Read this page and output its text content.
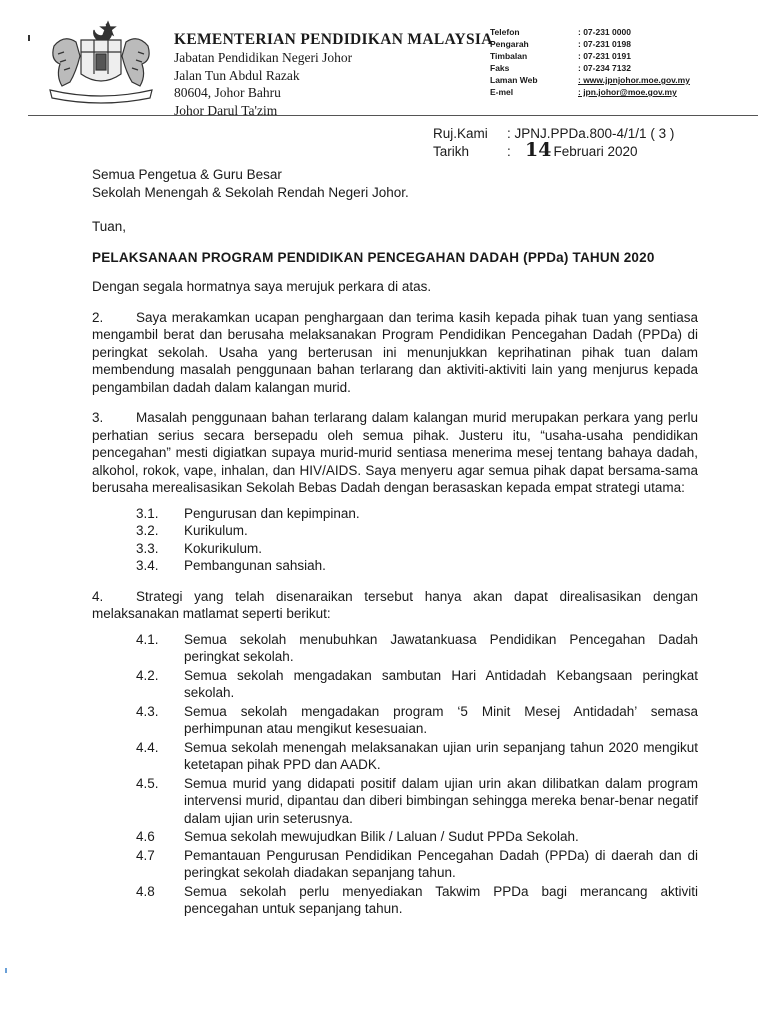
KEMENTERIAN PENDIDIKAN MALAYSIA

Jabatan Pendidikan Negeri Johor

Jalan Tun Abdul Razak

80604, Johor Bahru

Johor Darul Ta'zim

Telefon	: 07-231 0000
Pengarah	: 07-231 0198
Timbalan	: 07-231 0191
Faks	: 07-234 7132
Laman Web	: www.jpnjohor.moe.gov.my
E-mel	: jpn.johor@moe.gov.my
Ruj.Kami	: JPNJ.PPDa.800-4/1/1 ( 3 )
Tarikh	: 14 Februari 2020

Semua Pengetua & Guru Besar

Sekolah Menengah & Sekolah Rendah Negeri Johor.

Tuan,

PELAKSANAAN PROGRAM PENDIDIKAN PENCEGAHAN DADAH (PPDa) TAHUN 2020

Dengan segala hormatnya saya merujuk perkara di atas.

2. Saya merakamkan ucapan penghargaan dan terima kasih kepada pihak tuan yang sentiasa mengambil berat dan berusaha melaksanakan Program Pendidikan Pencegahan Dadah (PPDa) di peringkat sekolah. Usaha yang berterusan ini menunjukkan keprihatinan pihak tuan dalam membendung masalah penggunaan bahan terlarang dan aktiviti-aktiviti lain yang menjurus kepada pengambilan dadah dalam kalangan murid.

3. Masalah penggunaan bahan terlarang dalam kalangan murid merupakan perkara yang perlu perhatian serius secara bersepadu oleh semua pihak. Justeru itu, “usaha-usaha pendidikan pencegahan” mesti digiatkan supaya murid-murid sentiasa menerima mesej tentang bahaya dadah, alkohol, rokok, vape, inhalan, dan HIV/AIDS. Saya menyeru agar semua pihak dapat bersama-sama berusaha merealisasikan Sekolah Bebas Dadah dengan berasaskan kepada empat strategi utama:

3.1.	Pengurusan dan kepimpinan.
3.2.	Kurikulum.
3.3.	Kokurikulum.
3.4.	Pembangunan sahsiah.

4. Strategi yang telah disenaraikan tersebut hanya akan dapat direalisasikan dengan melaksanakan matlamat seperti berikut:

4.1.	Semua sekolah menubuhkan Jawatankuasa Pendidikan Pencegahan Dadah peringkat sekolah.
4.2.	Semua sekolah mengadakan sambutan Hari Antidadah Kebangsaan peringkat sekolah.
4.3.	Semua sekolah mengadakan program ‘5 Minit Mesej Antidadah’ semasa perhimpunan atau mengikut kesesuaian.
4.4.	Semua sekolah menengah melaksanakan ujian urin sepanjang tahun 2020 mengikut ketetapan pihak PPD dan AADK.
4.5.	Semua murid yang didapati positif dalam ujian urin akan dilibatkan dalam program intervensi murid, dipantau dan diberi bimbingan sehingga mereka benar-benar negatif dalam ujian urin seterusnya.
4.6	Semua sekolah mewujudkan Bilik / Laluan / Sudut PPDa Sekolah.
4.7	Pemantauan Pengurusan Pendidikan Pencegahan Dadah (PPDa) di daerah dan di peringkat sekolah diadakan sepanjang tahun.
4.8	Semua sekolah perlu menyediakan Takwim PPDa bagi merancang aktiviti pencegahan untuk sepanjang tahun.
